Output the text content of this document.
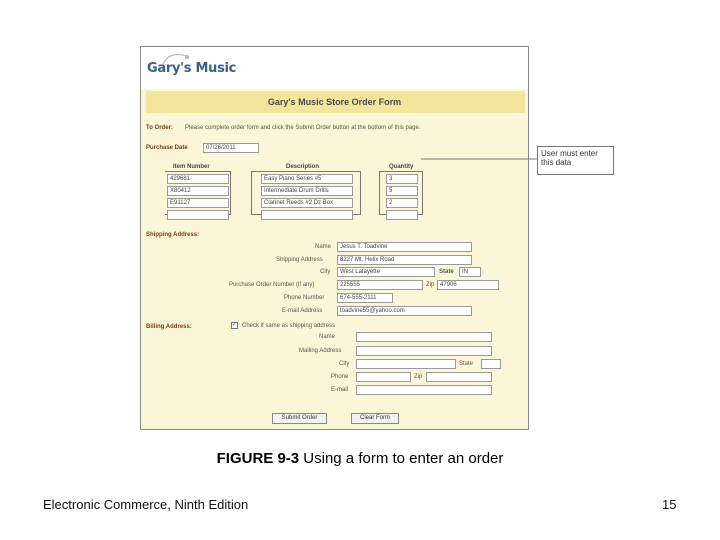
Gary's Music
Gary's Music Store Order Form
To Order: Please complete order form and click the Submit Order button at the bottom of this page.
Purchase Date	07/26/2011
Item Number	Description	Quantity
429681	Easy Piano Series #5	3
X80412	Intermediate Drum Drills	5
E91127	Clarinet Reeds #2 Dz Box	2
Shipping Address:
Name	Jesus T. Toadvine
Shipping Address	8227 Mt. Helix Road
City	West Lafayette	State	IN
Purchase Order Number (if any)	225555	Zip 47906
Phone Number	674-555-2111
E-mail Address	toadvine55@yahoo.com
Billing Address:	✓ Check if same as shipping address
Name
Mailing Address
City	State
Phone	Zip
E-mail
Submit Order	Clear Form
User must enter this data
FIGURE 9-3 Using a form to enter an order
Electronic Commerce, Ninth Edition	15
